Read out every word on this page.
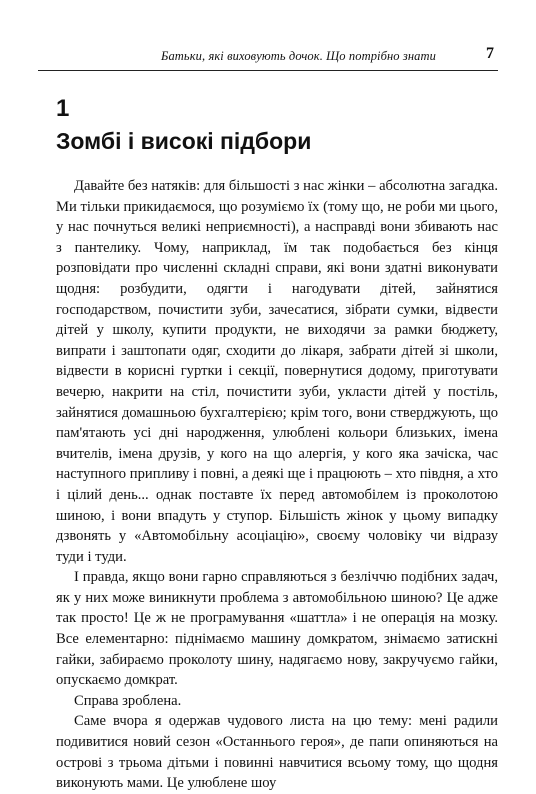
Батьки, які виховують дочок. Що потрібно знати	7
1
Зомбі і високі підбори

Давайте без натяків: для більшості з нас жінки – абсолютна загадка. Ми тільки прикидаємося, що розуміємо їх (тому що, не роби ми цього, у нас почнуться великі неприємності), а насправді вони збивають нас з пантелику. Чому, наприклад, їм так подобається без кінця розповідати про численні складні справи, які вони здатні виконувати щодня: розбудити, одягти і нагодувати дітей, зайнятися господарством, почистити зуби, зачесатися, зібрати сумки, відвести дітей у школу, купити продукти, не виходячи за рамки бюджету, випрати і заштопати одяг, сходити до лікаря, забрати дітей зі школи, відвести в корисні гуртки і секції, повернутися додому, приготувати вечерю, накрити на стіл, почистити зуби, укласти дітей у постіль, зайнятися домашньою бухгалтерією; крім того, вони стверджують, що пам'ятають усі дні народження, улюблені кольори близьких, імена вчителів, імена друзів, у кого на що алергія, у кого яка зачіска, час наступного припливу і повні, а деякі ще і працюють – хто півдня, а хто і цілий день... однак поставте їх перед автомобілем із проколотою шиною, і вони впадуть у ступор. Більшість жінок у цьому випадку дзвонять у «Автомобільну асоціацію», своєму чоловіку чи відразу туди і туди.

І правда, якщо вони гарно справляються з безліччю подібних задач, як у них може виникнути проблема з автомобільною шиною? Це адже так просто! Це ж не програмування «шаттла» і не операція на мозку. Все елементарно: піднімаємо машину домкратом, знімаємо затискні гайки, забираємо проколоту шину, надягаємо нову, закручуємо гайки, опускаємо домкрат.

Справа зроблена.

Саме вчора я одержав чудового листа на цю тему: мені радили подивитися новий сезон «Останнього героя», де папи опиняються на острові з трьома дітьми і повинні навчитися всьому тому, що щодня виконують мами. Це улюблене шоу
